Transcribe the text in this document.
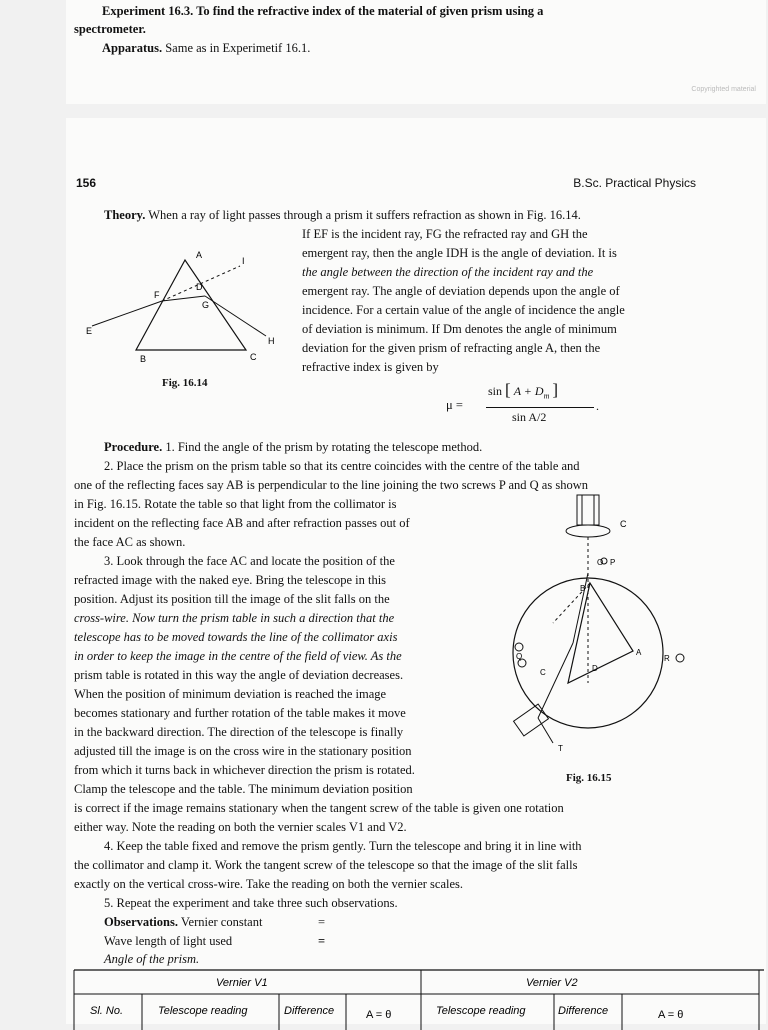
Experiment 16.3. To find the refractive index of the material of given prism using a
spectrometer.
Apparatus. Same as in Experimetif 16.1.
Copyrighted material
156	B.Sc. Practical Physics
Theory. When a ray of light passes through a prism it suffers refraction as shown in Fig. 16.14.

If EF is the incident ray, FG the refracted ray and GH the

emergent ray, then the angle IDH is the angle of deviation. It is

the angle between the direction of the incident ray and the

emergent ray. The angle of deviation depends upon the angle of

incidence. For a certain value of the angle of incidence the angle

of deviation is minimum. If Dm denotes the angle of minimum

deviation for the given prism of refracting angle A, then the

refractive index is given by

E
F
G
D
A
I
H
B	C
Fig. 16.14
μ =
sin [ $A + D_m$ ]
sin A/2
.
Procedure. 1. Find the angle of the prism by rotating the telescope method.
2. Place the prism on the prism table so that its centre coincides with the centre of the table and
one of the reflecting faces say AB is perpendicular to the line joining the two screws P and Q as shown
in Fig. 16.15. Rotate the table so that light from the collimator is
incident on the reflecting face AB and after refraction passes out of
the face AC as shown.

3. Look through the face AC and locate the position of the

refracted image with the naked eye. Bring the telescope in this

position. Adjust its position till the image of the slit falls on the

cross-wire. Now turn the prism table in such a direction that the

telescope has to be moved towards the line of the collimator axis

in order to keep the image in the centre of the field of view. As the

prism table is rotated in this way the angle of deviation decreases.

When the position of minimum deviation is reached the image

becomes stationary and further rotation of the table makes it move

in the backward direction. The direction of the telescope is finally

adjusted till the image is on the cross wire in the stationary position

from which it turns back in whichever direction the prism is rotated.

Clamp the telescope and the table. The minimum deviation position

C
B
P
O
A
D
C
R
Q
T
Fig. 16.15
is correct if the image remains stationary when the tangent screw of the table is given one rotation
either way. Note the reading on both the vernier scales V1 and V2.
4. Keep the table fixed and remove the prism gently. Turn the telescope and bring it in line with
the collimator and clamp it. Work the tangent screw of the telescope so that the image of the slit falls
exactly on the vertical cross-wire. Take the reading on both the vernier scales.
5. Repeat the experiment and take three such observations.
Observations. Vernier constant	=
Wave length of light used	=
Angle of the prism.
Vernier V1	Vernier V2
Sl. No.	Telescope reading	Difference	A = θ	Telescope reading	Difference	A = θ
